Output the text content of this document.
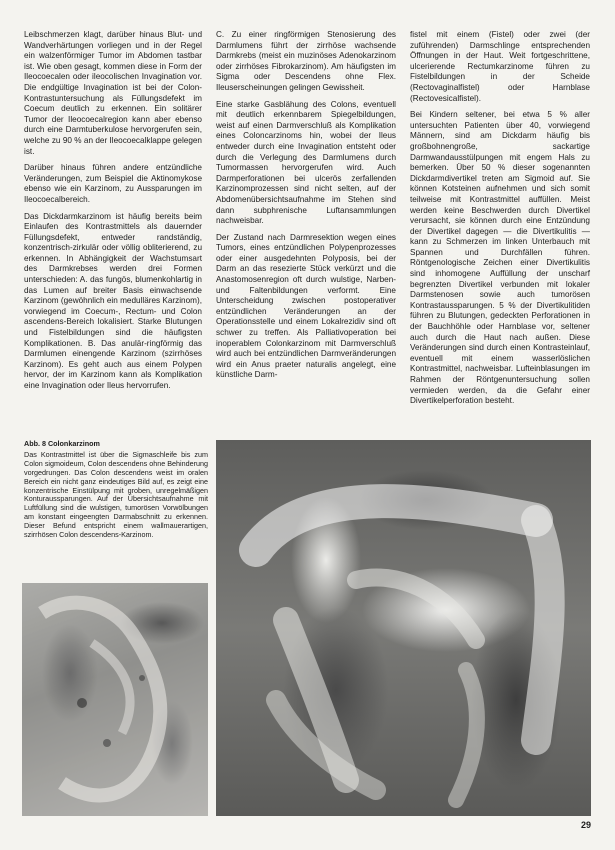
Leibschmerzen klagt, darüber hinaus Blut- und Wandverhärtungen vorliegen und in der Regel ein walzenförmiger Tumor im Abdomen tastbar ist. Wie oben gesagt, kommen diese in Form der Ileocoecalen oder ileocolischen Invagination vor. Die endgültige Invagination ist bei der Colon-Kontrastuntersuchung als Füllungsdefekt im Coecum deutlich zu erkennen. Ein solitärer Tumor der Ileocoecalregion kann aber ebenso durch eine Darmtuberkulose hervorgerufen sein, welche zu 90 % an der Ileocoecalklappe gelegen ist.

Darüber hinaus führen andere entzündliche Veränderungen, zum Beispiel die Aktinomykose ebenso wie ein Karzinom, zu Aussparungen im Ileocoecalbereich.

Das Dickdarmkarzinom ist häufig bereits beim Einlaufen des Kontrastmittels als dauernder Füllungsdefekt, entweder randständig, konzentrisch-zirkulär oder völlig obliterierend, zu erkennen. In Abhängigkeit der Wachstumsart des Darmkrebses werden drei Formen unterschieden: A. das fungös, blumenkohlartig in das Lumen auf breiter Basis einwachsende Karzinom (gewöhnlich ein medulläres Karzinom), vorwiegend im Coecum-, Rectum- und Colon ascendens-Bereich lokalisiert. Starke Blutungen und Fistelbildungen sind die häufigsten Komplikationen. B. Das anulär-ringförmig das Darmlumen einengende Karzinom (szirrhöses Karzinom). Es geht auch aus einem Polypen hervor, der im Karzinom kann als Komplikation eine Invagination oder Ileus hervorrufen.

C. Zu einer ringförmigen Stenosierung des Darmlumens führt der zirrhöse wachsende Darmkrebs (meist ein muzinöses Adenokarzinom oder zirrhöses Fibrokarzinom). Am häufigsten im Sigma oder Descendens ohne Flex. Ileuserscheinungen gelingen Gewissheit.

Eine starke Gasblähung des Colons, eventuell mit deutlich erkennbarem Spiegelbildungen, weist auf einen Darmverschluß als Komplikation eines Coloncarzinoms hin, wobei der Ileus entweder durch eine Invagination entsteht oder durch die Verlegung des Darmlumens durch Tumormassen hervorgerufen wird. Auch Darmperforationen bei ulcerös zerfallenden Karzinomprozessen sind nicht selten, auf der Abdomenübersichtsaufnahme im Stehen sind dann subphrenische Luftansammlungen nachweisbar.

Der Zustand nach Darmresektion wegen eines Tumors, eines entzündlichen Polypenprozesses oder einer ausgedehnten Polyposis, bei der Darm an das resezierte Stück verkürzt und die Anastomosenregion oft durch wulstige, Narben- und Faltenbildungen verformt. Eine Unterscheidung zwischen postoperativer entzündlichen Veränderungen an der Operationsstelle und einem Lokalrezidiv sind oft schwer zu treffen. Als Palliativoperation bei inoperablem Colonkarzinom mit Darmverschluß wird auch bei entzündlichen Darmveränderungen wird ein Anus praeter naturalis angelegt, eine künstliche Darm-

fistel mit einem (Fistel) oder zwei (der zuführenden) Darmschlinge entsprechenden Öffnungen in der Haut. Weit fortgeschrittene, ulcerierende Rectumkarzinome führen zu Fistelbildungen in der Scheide (Rectovaginalfistel) oder Harnblase (Rectovesicalfistel).

Bei Kindern seltener, bei etwa 5 % aller untersuchten Patienten über 40, vorwiegend Männern, sind am Dickdarm häufig bis großbohnengroße, sackartige Darmwandausstülpungen mit engem Hals zu bemerken. Über 50 % dieser sogenannten Dickdarmdivertikel treten am Sigmoid auf. Sie können Kotsteinen aufnehmen und sich somit teilweise mit Kontrastmittel auffüllen. Meist werden keine Beschwerden durch Divertikel verursacht, sie können durch eine Entzündung der Divertikel dagegen — die Divertikulitis — kann zu Schmerzen im linken Unterbauch mit Spannen und Durchfällen führen. Röntgenologische Zeichen einer Divertikulitis sind inhomogene Auffüllung der unscharf begrenzten Divertikel verbunden mit lokaler Darmstenosen sowie auch tumorösen Kontrastaussparungen. 5 % der Divertikulitiden führen zu Blutungen, gedeckten Perforationen in der Bauchhöhle oder Harnblase vor, seltener auch durch die Haut nach außen. Diese Veränderungen sind durch einen Kontrasteinlauf, eventuell mit einem wasserlöslichen Kontrastmittel, nachweisbar. Lufteinblasungen im Rahmen der Röntgenuntersuchung sollen vermieden werden, da die Gefahr einer Divertikelperforation besteht.

Abb. 8 Colonkarzinom
Das Kontrastmittel ist über die Sigmaschleife bis zum Colon sigmoideum, Colon descendens ohne Behinderung vorgedrungen. Das Colon descendens weist im oralen Bereich ein nicht ganz eindeutiges Bild auf, es zeigt eine konzentrische Einstülpung mit groben, unregelmäßigen Konturaussparungen. Auf der Übersichtsaufnahme mit Luftfüllung sind die wulstigen, tumorösen Vorwölbungen am konstant eingeengten Darmabschnitt zu erkennen. Dieser Befund entspricht einem wallmauerartigen, szirrhösen Colon descendens-Karzinom.
29
